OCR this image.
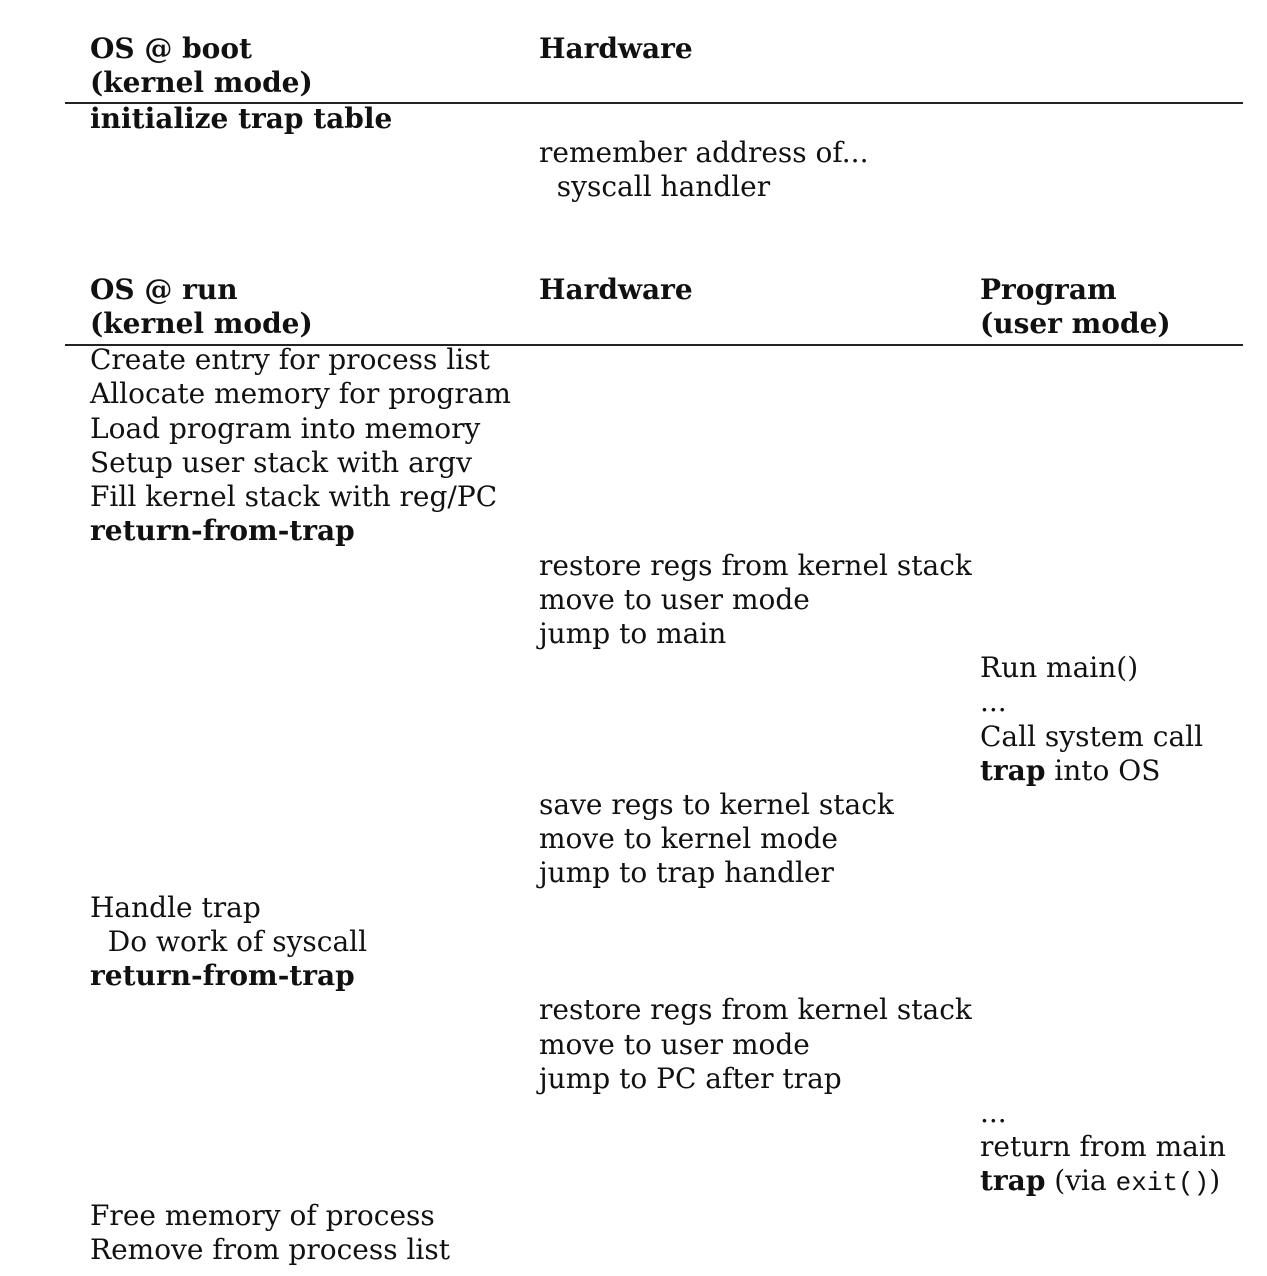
OS @ boot
(kernel mode)
Hardware
initialize trap table
remember address of...
syscall handler
OS @ run
(kernel mode)
Hardware	Program
(user mode)
Create entry for process list
Allocate memory for program
Load program into memory
Setup user stack with argv
Fill kernel stack with reg/PC
return-from-trap
restore regs from kernel stack
move to user mode
jump to main
Run main()
...
Call system call
trap into OS
save regs to kernel stack
move to kernel mode
jump to trap handler
Handle trap
Do work of syscall
return-from-trap
restore regs from kernel stack
move to user mode
jump to PC after trap
...
return from main
trap (via exit())
Free memory of process
Remove from process list
